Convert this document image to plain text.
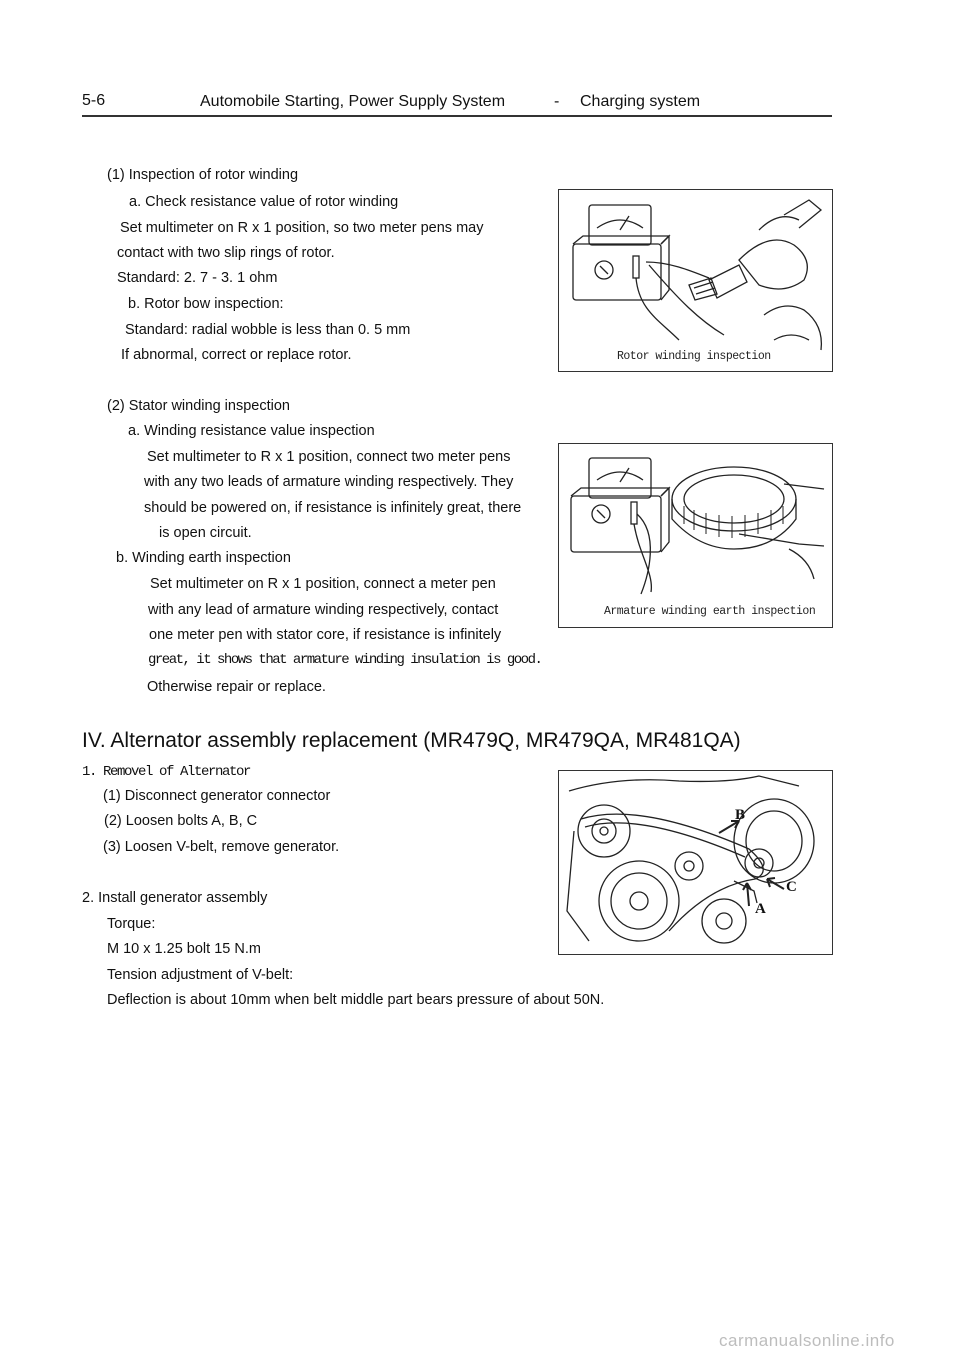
5-6	Automobile Starting, Power Supply System	- Charging system
(1) Inspection of rotor winding
a. Check resistance value of rotor winding
Set multimeter on R x 1 position, so two meter pens may
contact with two slip rings of rotor.
Standard: 2. 7 - 3. 1 ohm
b. Rotor bow inspection:
Standard: radial wobble is less than 0. 5 mm
If abnormal, correct or replace rotor.	Rotor winding inspection
(2) Stator winding inspection
a. Winding resistance value inspection
Set multimeter to R x 1 position, connect two meter pens
with any two leads of armature winding respectively. They
should be powered on, if resistance is infinitely great, there
is open circuit.
b. Winding earth inspection
Set multimeter on R x 1 position, connect a meter pen
with any lead of armature winding respectively, contact
one meter pen with stator core, if resistance is infinitely
great, it shows that armature winding insulation is good.
Otherwise repair or replace.
Armature winding earth inspection
IV. Alternator assembly replacement (MR479Q, MR479QA, MR481QA)
1. Removel of Alternator
(1) Disconnect generator connector
(2) Loosen bolts A, B, C
(3) Loosen V-belt, remove generator.
B
C
A
2. Install generator assembly
Torque:
M 10 x 1.25 bolt 15 N.m
Tension adjustment of V-belt:
Deflection is about 10mm when belt middle part bears pressure of about 50N.
carmanualsonline.info
